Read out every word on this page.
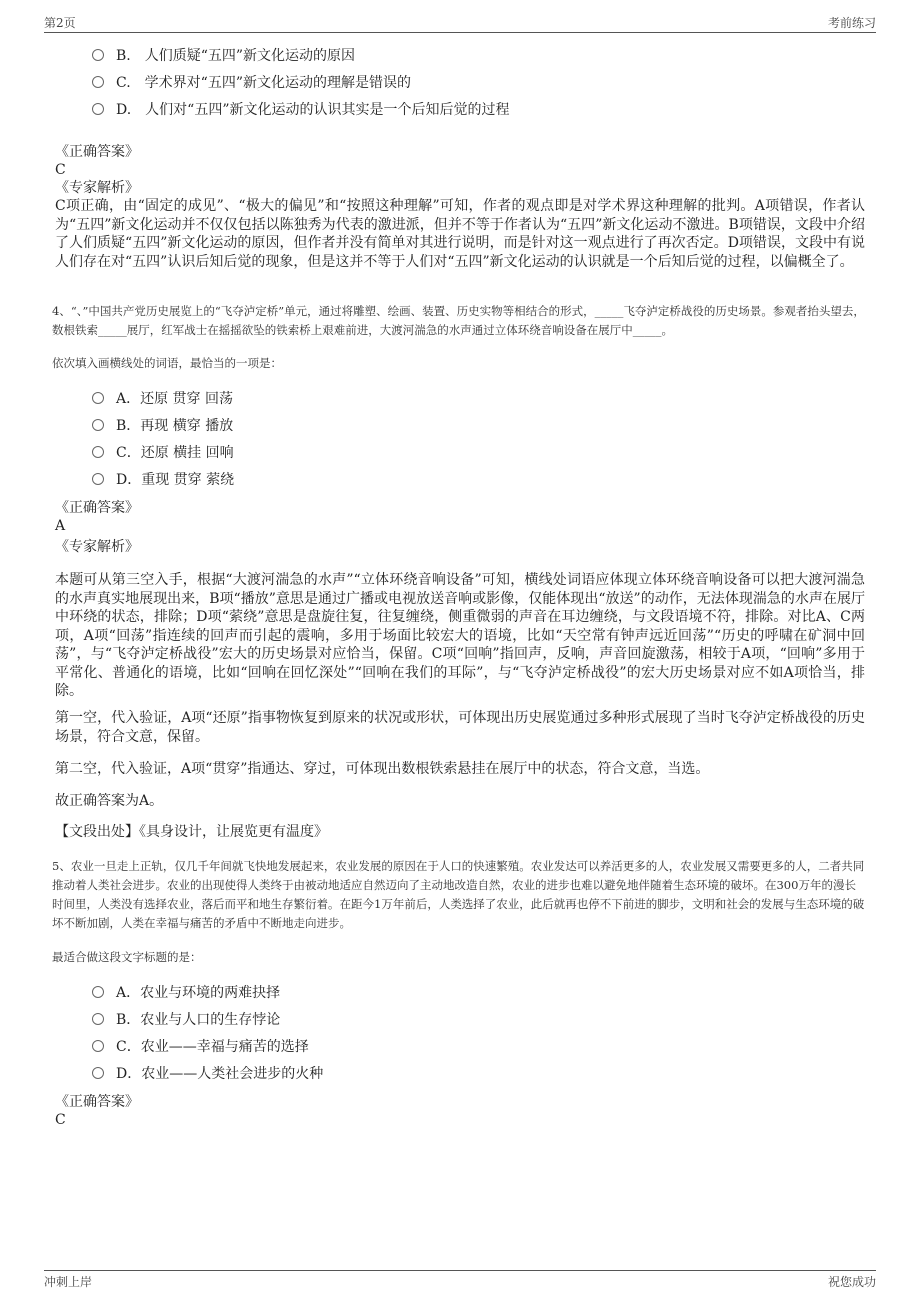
第2页	考前练习
B.　人们质疑“五四”新文化运动的原因
C.　学术界对“五四”新文化运动的理解是错误的
D.　人们对“五四”新文化运动的认识其实是一个后知后觉的过程
《正确答案》
C
《专家解析》
C项正确，由“固定的成见”、“极大的偏见”和“按照这种理解”可知，作者的观点即是对学术界这种理解的批判。A项错误，作者认为“五四”新文化运动并不仅仅包括以陈独秀为代表的激进派，但并不等于作者认为“五四”新文化运动不激进。B项错误，文段中介绍了人们质疑“五四”新文化运动的原因，但作者并没有简单对其进行说明，而是针对这一观点进行了再次否定。D项错误，文段中有说人们存在对“五四”认识后知后觉的现象，但是这并不等于人们对“五四”新文化运动的认识就是一个后知后觉的过程，以偏概全了。
4、“、”中国共产党历史展览上的“飞夺泸定桥”单元，通过将雕塑、绘画、装置、历史实物等相结合的形式，_____飞夺泸定桥战役的历史场景。参观者抬头望去，数根铁索_____展厅，红军战士在摇摇欲坠的铁索桥上艰难前进，大渡河湍急的水声通过立体环绕音响设备在展厅中_____。
依次填入画横线处的词语，最恰当的一项是：
A．还原 贯穿 回荡
B．再现 横穿 播放
C．还原 横挂 回响
D．重现 贯穿 萦绕
《正确答案》
A
《专家解析》
本题可从第三空入手，根据“大渡河湍急的水声”“立体环绕音响设备”可知，横线处词语应体现立体环绕音响设备可以把大渡河湍急的水声真实地展现出来，B项“播放”意思是通过广播或电视放送音响或影像，仅能体现出“放送”的动作，无法体现湍急的水声在展厅中环绕的状态，排除；D项“萦绕”意思是盘旋往复，往复缠绕，侧重微弱的声音在耳边缠绕，与文段语境不符，排除。对比A、C两项，A项“回荡”指连续的回声而引起的震响，多用于场面比较宏大的语境，比如“天空常有钟声远近回荡”“历史的呼啸在矿洞中回荡”，与“飞夺泸定桥战役”宏大的历史场景对应恰当，保留。C项“回响”指回声，反响，声音回旋激荡，相较于A项，“回响”多用于平常化、普通化的语境，比如“回响在回忆深处”“回响在我们的耳际”，与“飞夺泸定桥战役”的宏大历史场景对应不如A项恰当，排除。
第一空，代入验证，A项“还原”指事物恢复到原来的状况或形状，可体现出历史展览通过多种形式展现了当时飞夺泸定桥战役的历史场景，符合文意，保留。
第二空，代入验证，A项“贯穿”指通达、穿过，可体现出数根铁索悬挂在展厅中的状态，符合文意，当选。
故正确答案为A。
【文段出处】《具身设计，让展览更有温度》
5、农业一旦走上正轨，仅几千年间就飞快地发展起来，农业发展的原因在于人口的快速繁殖。农业发达可以养活更多的人，农业发展又需要更多的人，二者共同推动着人类社会进步。农业的出现使得人类终于由被动地适应自然迈向了主动地改造自然，农业的进步也难以避免地伴随着生态环境的破坏。在300万年的漫长时间里，人类没有选择农业，落后而平和地生存繁衍着。在距今1万年前后，人类选择了农业，此后就再也停不下前进的脚步，文明和社会的发展与生态环境的破坏不断加剧，人类在幸福与痛苦的矛盾中不断地走向进步。
最适合做这段文字标题的是：
A．农业与环境的两难抉择
B．农业与人口的生存悖论
C．农业——幸福与痛苦的选择
D．农业——人类社会进步的火种
《正确答案》
C
冲刺上岸	祝您成功
